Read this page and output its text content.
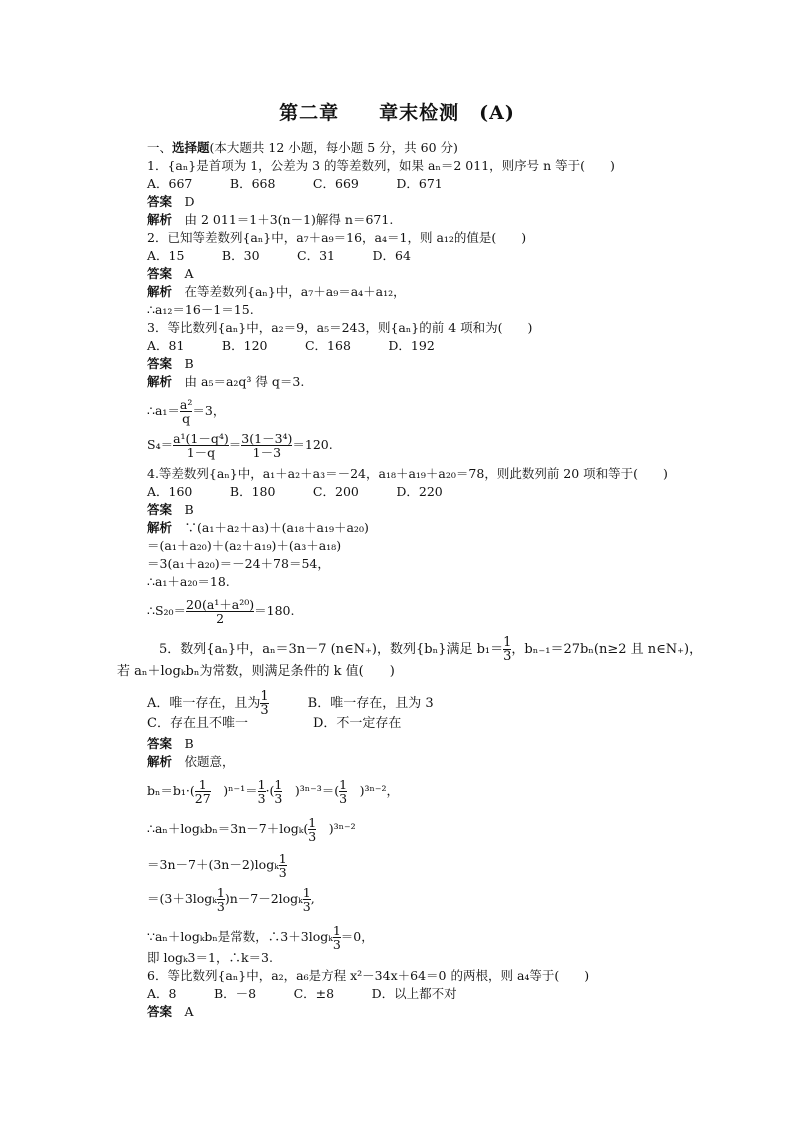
第二章　　章末检测　(A)
一、选择题(本大题共 12 小题，每小题 5 分，共 60 分)
1．{aₙ}是首项为 1，公差为 3 的等差数列，如果 aₙ＝2 011，则序号 n 等于(　　)
A．667　　　B．668　　　C．669　　　D．671
答案　D
解析　由 2 011＝1＋3(n－1)解得 n＝671.
2．已知等差数列{aₙ}中，a₇＋a₉＝16，a₄＝1，则 a₁₂的值是(　　)
A．15　　　B．30　　　C．31　　　D．64
答案　A
解析　在等差数列{aₙ}中，a₇＋a₉＝a₄＋a₁₂，
∴a₁₂＝16－1＝15.
3．等比数列{aₙ}中，a₂＝9，a₅＝243，则{aₙ}的前 4 项和为(　　)
A．81　　　B．120　　　C．168　　　D．192
答案　B
解析　由 a₅＝a₂q³ 得 q＝3.
∴a₁＝ $\frac{\text{a²}}{q} =3$，
$S_4= \frac{\text{a¹(1－q⁴)}}{1-q} = \frac{\text{3(1－3⁴)}}{1-3} =120$.
4.等差数列{aₙ}中，a₁＋a₂＋a₃＝－24，a₁₈＋a₁₉＋a₂₀＝78，则此数列前 20 项和等于(　　)
A．160　　　B．180　　　C．200　　　D．220
答案　B
解析　∵(a₁＋a₂＋a₃)＋(a₁₈＋a₁₉＋a₂₀)
＝(a₁＋a₂₀)＋(a₂＋a₁₉)＋(a₃＋a₁₈)
＝3(a₁＋a₂₀)＝－24＋78＝54，
∴a₁＋a₂₀＝18.
∴S₂₀＝ $\frac{\text{20(a¹＋a²⁰)}}{2} =180$.
5．数列{aₙ}中，aₙ＝3n－7 (n∈N₊)，数列{bₙ}满足 $b_1= \frac{1}{3}$ ，bₙ₋₁＝27bₙ(n≥2 且 n∈N₊)，
若 aₙ＋logₖbₙ为常数，则满足条件的 k 值(　　)
A．唯一存在，且为 $\frac{1}{3}$ 　　　B．唯一存在，且为 3
C．存在且不唯一　　　　　D．不一定存在
答案　B
解析　依题意，
$b_n=b_1\cdot( \frac{1}{27}$ 　)$^{n-1}= \frac{1}{3}$ ·( $\frac{1}{3}$ 　)$^{3n-3}=( \frac{1}{3}$ 　)³ⁿ⁻²，
∴aₙ＋logₖbₙ＝3n－7＋logₖ( $\frac{1}{3}$ 　)³ⁿ⁻²
$=3n-7+(3n-2)\log_k \frac{1}{3}$
$=(3+3\log_k \frac{1}{3} )n-7-2\log_k \frac{1}{3}$ ,
∵aₙ＋logₖbₙ是常数，∴3＋3logₖ $\frac{1}{3} =0$，
即 logₖ3＝1，∴k＝3.
6．等比数列{aₙ}中，a₂，a₆是方程 x²－34x＋64＝0 的两根，则 a₄等于(　　)
A．8　　　B．－8　　　C．±8　　　D．以上都不对
答案　A
